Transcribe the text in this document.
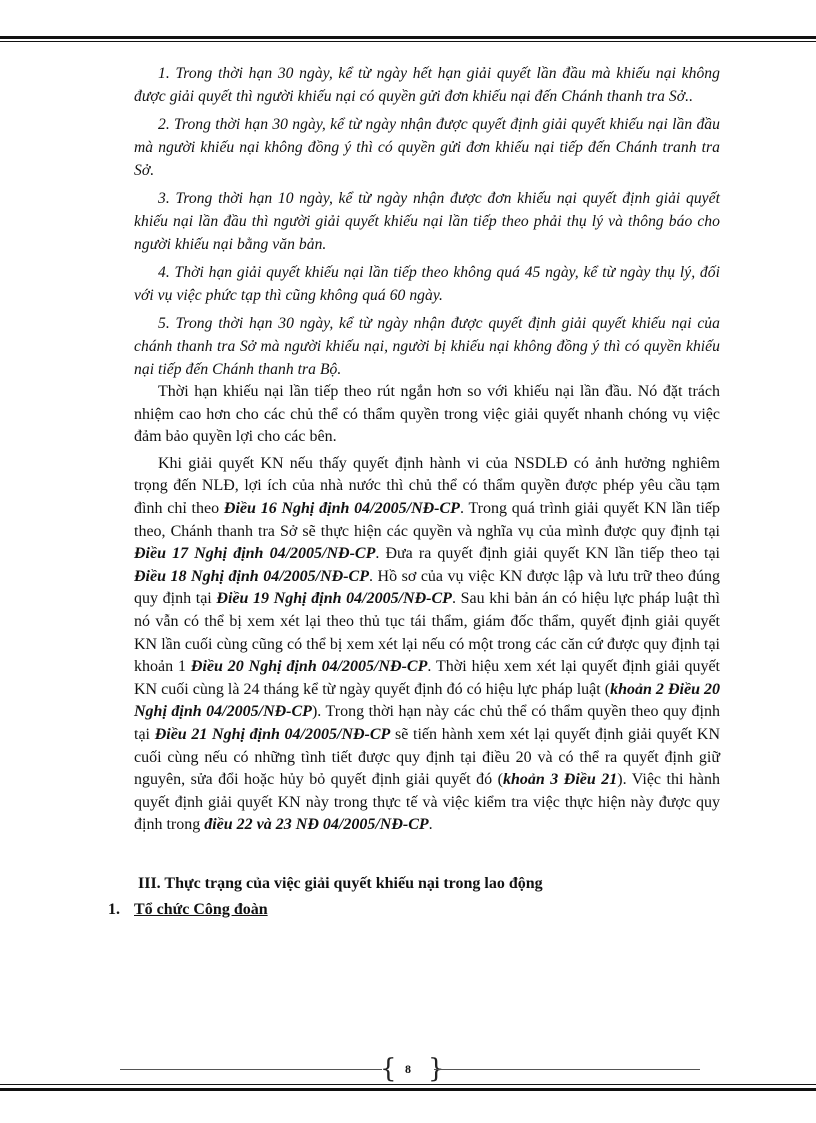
1. Trong thời hạn 30 ngày, kể từ ngày hết hạn giải quyết lần đầu mà khiếu nại không được giải quyết thì người khiếu nại có quyền gửi đơn khiếu nại đến Chánh thanh tra Sở..

2. Trong thời hạn 30 ngày, kể từ ngày nhận được quyết định giải quyết khiếu nại lần đầu mà người khiếu nại không đồng ý thì có quyền gửi đơn khiếu nại tiếp đến Chánh tranh tra Sở.

3. Trong thời hạn 10 ngày, kể từ ngày nhận được đơn khiếu nại quyết định giải quyết khiếu nại lần đầu thì người giải quyết khiếu nại lần tiếp theo phải thụ lý và thông báo cho người khiếu nại bằng văn bản.

4. Thời hạn giải quyết khiếu nại lần tiếp theo không quá 45 ngày, kể từ ngày thụ lý, đối với vụ việc phức tạp thì cũng không quá 60 ngày.

5. Trong thời hạn 30 ngày, kể từ ngày nhận được quyết định giải quyết khiếu nại của chánh thanh tra Sở mà người khiếu nại, người bị khiếu nại không đồng ý thì có quyền khiếu nại tiếp đến Chánh thanh tra Bộ.

Thời hạn khiếu nại lần tiếp theo rút ngắn hơn so với khiếu nại lần đầu. Nó đặt trách nhiệm cao hơn cho các chủ thể có thẩm quyền trong việc giải quyết nhanh chóng vụ việc đảm bảo quyền lợi cho các bên.

Khi giải quyết KN nếu thấy quyết định hành vi của NSDLĐ có ảnh hưởng nghiêm trọng đến NLĐ, lợi ích của nhà nước thì chủ thể có thẩm quyền được phép yêu cầu tạm đình chỉ theo Điều 16 Nghị định 04/2005/NĐ-CP. Trong quá trình giải quyết KN lần tiếp theo, Chánh thanh tra Sở sẽ thực hiện các quyền và nghĩa vụ của mình được quy định tại Điều 17 Nghị định 04/2005/NĐ-CP. Đưa ra quyết định giải quyết KN lần tiếp theo tại Điều 18 Nghị định 04/2005/NĐ-CP. Hồ sơ của vụ việc KN được lập và lưu trữ theo đúng quy định tại Điều 19 Nghị định 04/2005/NĐ-CP. Sau khi bản án có hiệu lực pháp luật thì nó vẫn có thể bị xem xét lại theo thủ tục tái thẩm, giám đốc thẩm, quyết định giải quyết KN lần cuối cùng cũng có thể bị xem xét lại nếu có một trong các căn cứ được quy định tại khoản 1 Điều 20 Nghị định 04/2005/NĐ-CP. Thời hiệu xem xét lại quyết định giải quyết KN cuối cùng là 24 tháng kể từ ngày quyết định đó có hiệu lực pháp luật (khoản 2 Điều 20 Nghị định 04/2005/NĐ-CP). Trong thời hạn này các chủ thể có thẩm quyền theo quy định tại Điều 21 Nghị định 04/2005/NĐ-CP sẽ tiến hành xem xét lại quyết định giải quyết KN cuối cùng nếu có những tình tiết được quy định tại điều 20 và có thể ra quyết định giữ nguyên, sửa đổi hoặc hủy bỏ quyết định giải quyết đó (khoản 3 Điều 21). Việc thi hành quyết định giải quyết KN này trong thực tế và việc kiểm tra việc thực hiện này được quy định trong điều 22 và 23 NĐ 04/2005/NĐ-CP.

III. Thực trạng của việc giải quyết khiếu nại trong lao động
1. Tổ chức Công đoàn
{ 8 }
